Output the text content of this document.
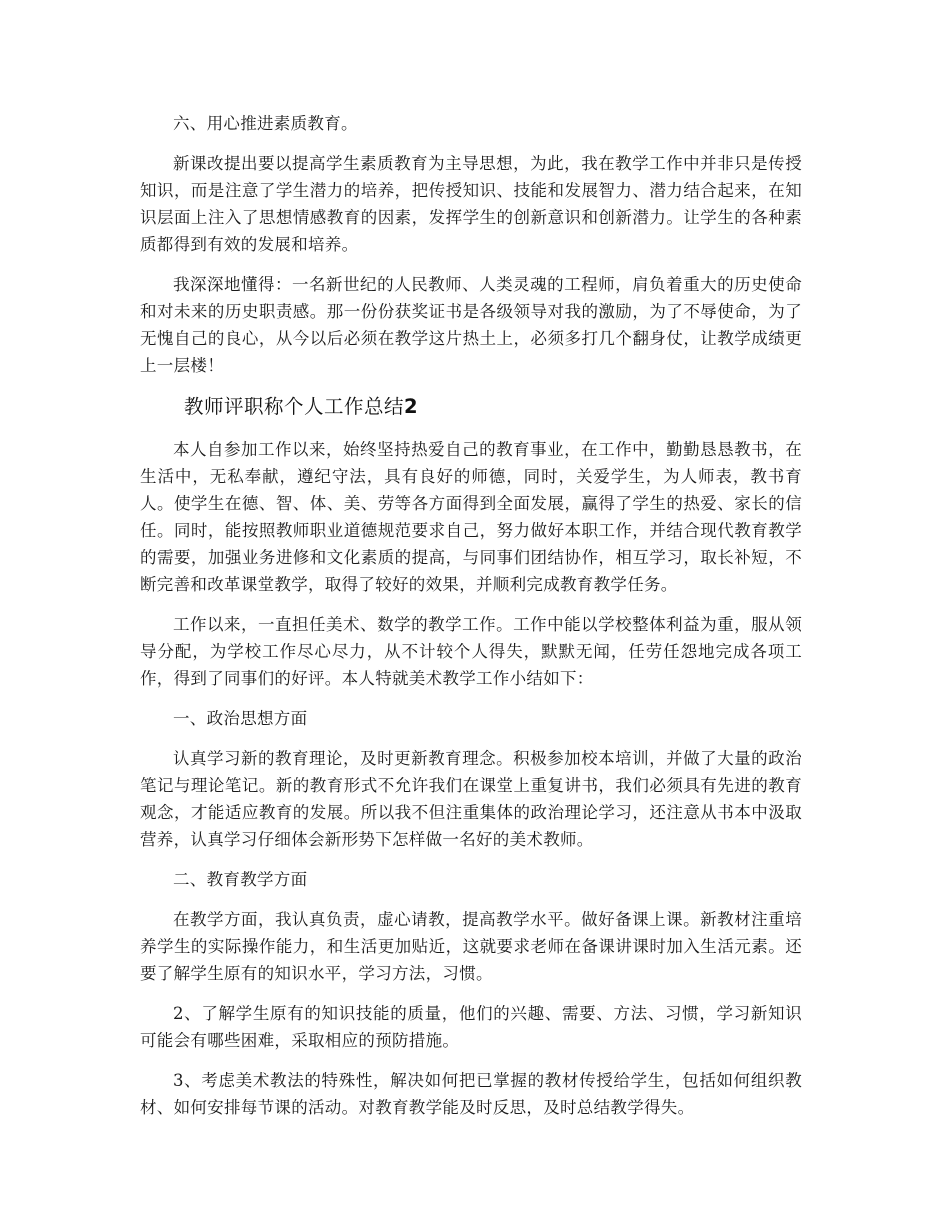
六、用心推进素质教育。

新课改提出要以提高学生素质教育为主导思想，为此，我在教学工作中并非只是传授知识，而是注意了学生潜力的培养，把传授知识、技能和发展智力、潜力结合起来，在知识层面上注入了思想情感教育的因素，发挥学生的创新意识和创新潜力。让学生的各种素质都得到有效的发展和培养。

我深深地懂得：一名新世纪的人民教师、人类灵魂的工程师，肩负着重大的历史使命和对未来的历史职责感。那一份份获奖证书是各级领导对我的激励，为了不辱使命，为了无愧自己的良心，从今以后必须在教学这片热土上，必须多打几个翻身仗，让教学成绩更上一层楼！

教师评职称个人工作总结2

本人自参加工作以来，始终坚持热爱自己的教育事业，在工作中，勤勤恳恳教书，在生活中，无私奉献，遵纪守法，具有良好的师德，同时，关爱学生，为人师表，教书育人。使学生在德、智、体、美、劳等各方面得到全面发展，赢得了学生的热爱、家长的信任。同时，能按照教师职业道德规范要求自己，努力做好本职工作，并结合现代教育教学的需要，加强业务进修和文化素质的提高，与同事们团结协作，相互学习，取长补短，不断完善和改革课堂教学，取得了较好的效果，并顺利完成教育教学任务。

工作以来，一直担任美术、数学的教学工作。工作中能以学校整体利益为重，服从领导分配，为学校工作尽心尽力，从不计较个人得失，默默无闻，任劳任怨地完成各项工作，得到了同事们的好评。本人特就美术教学工作小结如下：

一、政治思想方面

认真学习新的教育理论，及时更新教育理念。积极参加校本培训，并做了大量的政治笔记与理论笔记。新的教育形式不允许我们在课堂上重复讲书，我们必须具有先进的教育观念，才能适应教育的发展。所以我不但注重集体的政治理论学习，还注意从书本中汲取营养，认真学习仔细体会新形势下怎样做一名好的美术教师。

二、教育教学方面

在教学方面，我认真负责，虚心请教，提高教学水平。做好备课上课。新教材注重培养学生的实际操作能力，和生活更加贴近，这就要求老师在备课讲课时加入生活元素。还要了解学生原有的知识水平，学习方法，习惯。

2、了解学生原有的知识技能的质量，他们的兴趣、需要、方法、习惯，学习新知识可能会有哪些困难，采取相应的预防措施。

3、考虑美术教法的特殊性，解决如何把已掌握的教材传授给学生，包括如何组织教材、如何安排每节课的活动。对教育教学能及时反思，及时总结教学得失。
